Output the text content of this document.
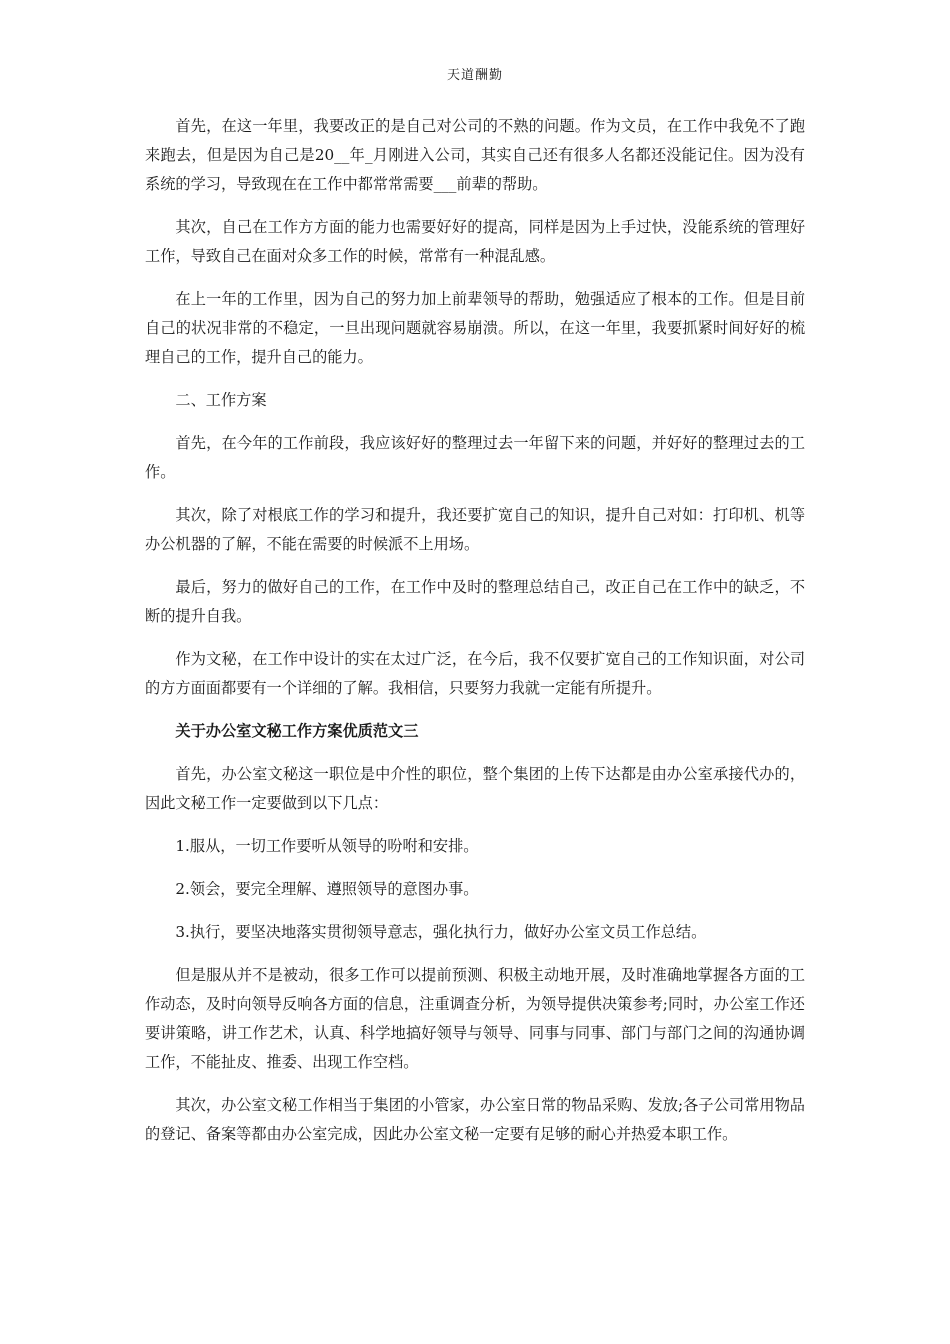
天道酬勤

首先，在这一年里，我要改正的是自己对公司的不熟的问题。作为文员，在工作中我免不了跑来跑去，但是因为自己是20__年_月刚进入公司，其实自己还有很多人名都还没能记住。因为没有系统的学习，导致现在在工作中都常常需要___前辈的帮助。

其次，自己在工作方方面的能力也需要好好的提高，同样是因为上手过快，没能系统的管理好工作，导致自己在面对众多工作的时候，常常有一种混乱感。

在上一年的工作里，因为自己的努力加上前辈领导的帮助，勉强适应了根本的工作。但是目前自己的状况非常的不稳定，一旦出现问题就容易崩溃。所以，在这一年里，我要抓紧时间好好的梳理自己的工作，提升自己的能力。

二、工作方案

首先，在今年的工作前段，我应该好好的整理过去一年留下来的问题，并好好的整理过去的工作。

其次，除了对根底工作的学习和提升，我还要扩宽自己的知识，提升自己对如：打印机、机等办公机器的了解，不能在需要的时候派不上用场。

最后，努力的做好自己的工作，在工作中及时的整理总结自己，改正自己在工作中的缺乏，不断的提升自我。

作为文秘，在工作中设计的实在太过广泛，在今后，我不仅要扩宽自己的工作知识面，对公司的方方面面都要有一个详细的了解。我相信，只要努力我就一定能有所提升。

关于办公室文秘工作方案优质范文三

首先，办公室文秘这一职位是中介性的职位，整个集团的上传下达都是由办公室承接代办的，因此文秘工作一定要做到以下几点：

1.服从，一切工作要听从领导的吩咐和安排。

2.领会，要完全理解、遵照领导的意图办事。

3.执行，要坚决地落实贯彻领导意志，强化执行力，做好办公室文员工作总结。

但是服从并不是被动，很多工作可以提前预测、积极主动地开展，及时准确地掌握各方面的工作动态，及时向领导反响各方面的信息，注重调查分析，为领导提供决策参考;同时，办公室工作还要讲策略，讲工作艺术，认真、科学地搞好领导与领导、同事与同事、部门与部门之间的沟通协调工作，不能扯皮、推委、出现工作空档。

其次，办公室文秘工作相当于集团的小管家，办公室日常的物品采购、发放;各子公司常用物品的登记、备案等都由办公室完成，因此办公室文秘一定要有足够的耐心并热爱本职工作。
